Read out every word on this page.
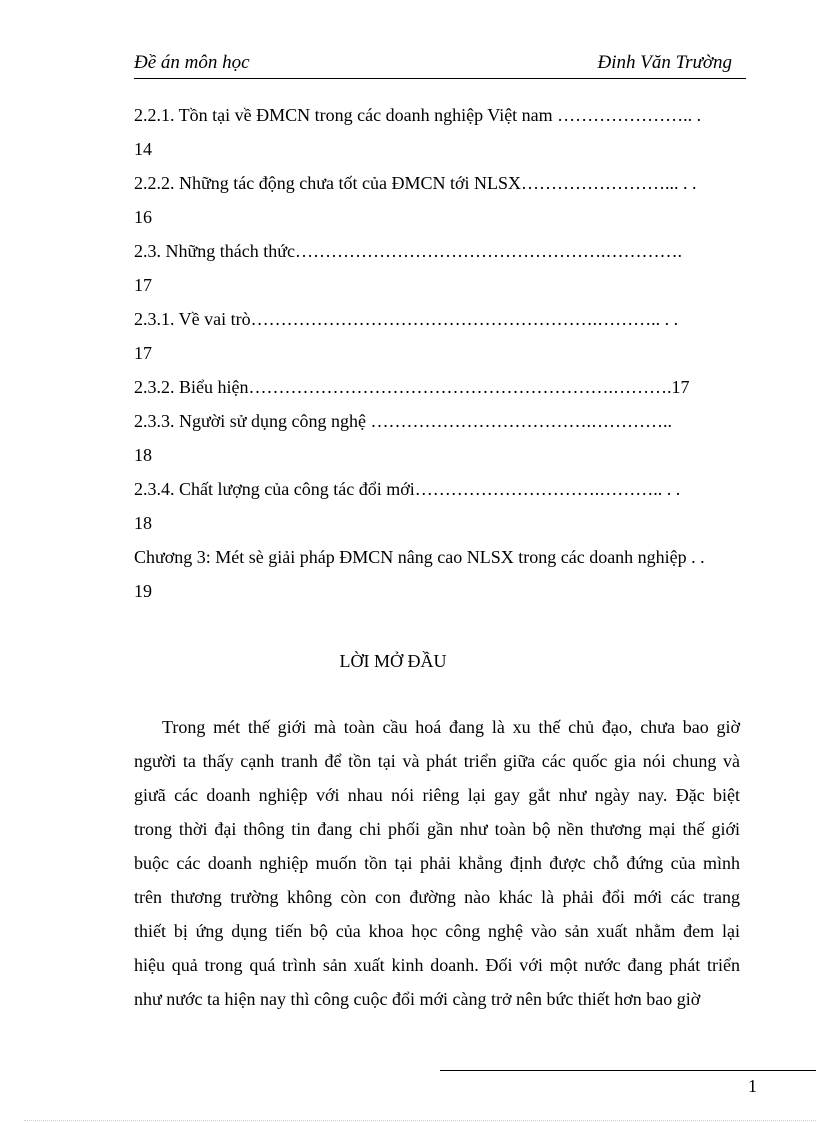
Đề án môn học	Đinh Văn Trường
2.2.1. Tồn tại về ĐMCN trong các doanh nghiệp Việt nam ………………….. .
14
2.2.2. Những tác động chưa tốt của ĐMCN tới NLSX……………………... . .
16
2.3. Những thách thức…………………………………………….………….
17
2.3.1. Về vai trò………………………………………………….……….. . .
17
2.3.2. Biểu hiện…………………………………………………….……….17
2.3.3. Người sử dụng công nghệ ……………………………….…………..
18
2.3.4. Chất lượng của công tác đổi mới………………………….……….. . .
18
Chương 3: Mét sè giải pháp ĐMCN nâng cao NLSX trong các doanh nghiệp . .
19
LỜI MỞ ĐẦU
Trong mét thế giới mà toàn cầu hoá đang là xu thế chủ đạo, chưa bao giờ
người ta thấy cạnh tranh để tồn tại và phát triển giữa các quốc gia nói chung và
giưã các doanh nghiệp với nhau nói riêng lại gay gắt như ngày nay. Đặc biệt
trong thời đại thông tin đang chi phối gần như toàn bộ nền thương mại thế giới
buộc các doanh nghiệp muốn tồn tại phải khẳng định được chỗ đứng của mình
trên thương trường không còn con đường nào khác là phải đổi mới các trang
thiết bị ứng dụng tiến bộ của khoa học công nghệ vào sản xuất nhằm đem lại
hiệu quả trong quá trình sản xuất kinh doanh. Đối với một nước đang phát triển
như nước ta hiện nay thì công cuộc đổi mới càng trở nên bức thiết hơn bao giờ
1
